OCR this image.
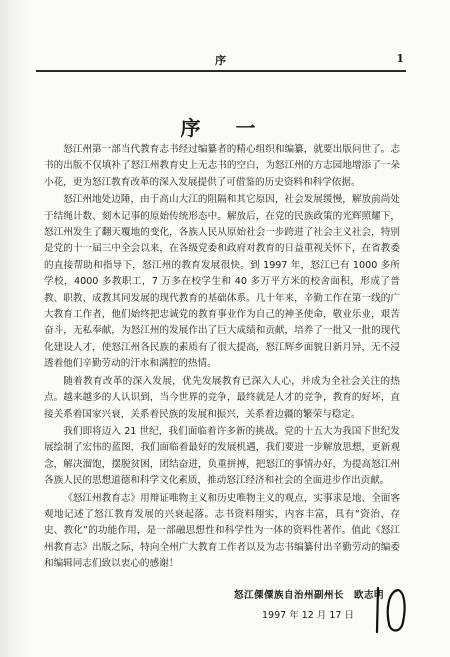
序	1
序 一

怒江州第一部当代教育志书经过编纂者的精心组织和编纂，就要出版问世了。志书的出版不仅填补了怒江州教育史上无志书的空白，为怒江州的方志园地增添了一朵小花，更为怒江教育改革的深入发展提供了可借鉴的历史资料和科学依据。

怒江州地处边陲，由于高山大江的阻隔和其它原因，社会发展缓慢，解放前尚处于结绳计数、刻木记事的原始传统形态中。解放后，在党的民族政策的光辉照耀下，怒江州发生了翻天覆地的变化，各族人民从原始社会一步跨进了社会主义社会，特别是党的十一届三中全会以来，在各级党委和政府对教育的日益重视关怀下，在省教委的直接帮助和指导下，怒江州的教育发展很快。到 1997 年，怒江已有 1000 多所学校，4000 多教职工，7 万多在校学生和 40 多万平方米的校舍面积，形成了普教、职教、成教其同发展的现代教育的基础体系。几十年来，辛勤工作在第一线的广大教育工作者，他们始终把忠诚党的教育事业作为自己的神圣使命，敬业乐业，艰苦奋斗，无私奉献，为怒江州的发展作出了巨大成绩和贡献，培养了一批又一批的现代化建设人才，使怒江州各民族的素质有了很大提高，怒江辉乡面貌日新月异，无不浸透着他们辛勤劳动的汗水和满腔的热情。

随着教育改革的深入发展，优先发展教育已深入人心，并成为全社会关注的热点。越来越多的人认识到，当今世界的竞争，最终就是人才的竞争，教育的好坏，直接关系着国家兴衰，关系着民族的发展和振兴，关系着边疆的繁荣与稳定。

我们即将迈入 21 世纪，我们面临着许多新的挑战。党的十五大为我国下世纪发展绘制了宏伟的蓝图，我们面临着最好的发展机遇，我们要进一步解放思想，更新观念，解决溜饱，摆脱贫困，团结奋进，负重拼搏，把怒江的事情办好，为提高怒江州各族人民的思想道德和科学文化素质，推动怒江经济和社会的全面进步作出贡献。

《怒江州教育志》用辩证唯物主义和历史唯物主义的观点，实事求是地、全面客观地记述了怒江教育发展的兴衰起落。志书资料翔实，内容丰富，具有“资治、存史、教化”的功能作用，是一部融思想性和科学性为一体的资料性著作。值此《怒江州教育志》出版之际，特向全州广大教育工作者以及为志书编纂付出辛勤劳动的编委和编辑同志们致以衷心的感谢！

怒江傈僳族自治州副州长　欧志明
1997 年 12 月 17 日
